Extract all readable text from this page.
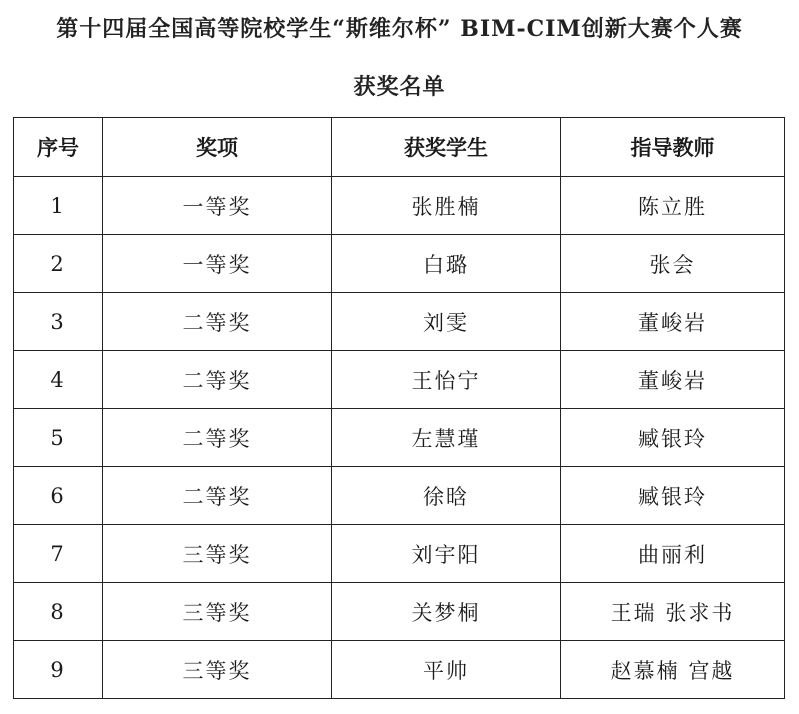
第十四届全国高等院校学生“斯维尔杯” BIM-CIM创新大赛个人赛
获奖名单
序号	奖项	获奖学生	指导教师
1	一等奖	张胜楠	陈立胜
2	一等奖	白璐	张会
3	二等奖	刘雯	董峻岩
4	二等奖	王怡宁	董峻岩
5	二等奖	左慧瑾	臧银玲
6	二等奖	徐晗	臧银玲
7	三等奖	刘宇阳	曲丽利
8	三等奖	关梦桐	王瑞 张求书
9	三等奖	平帅	赵慕楠 宫越
